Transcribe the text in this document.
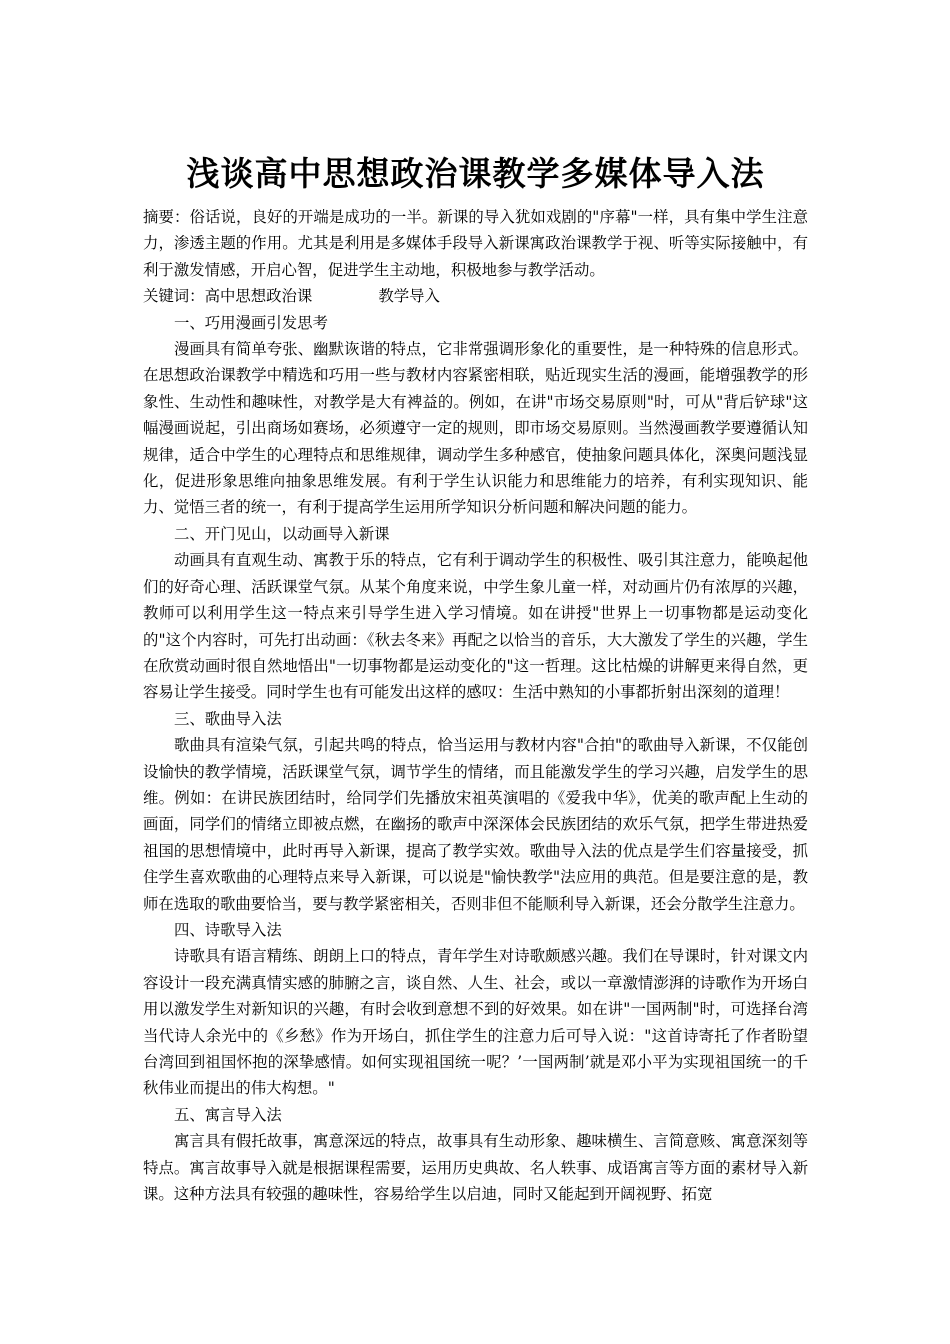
浅谈高中思想政治课教学多媒体导入法

摘要：俗话说，良好的开端是成功的一半。新课的导入犹如戏剧的"序幕"一样，具有集中学生注意力，渗透主题的作用。尤其是利用是多媒体手段导入新课寓政治课教学于视、听等实际接触中，有利于激发情感，开启心智，促进学生主动地，积极地参与教学活动。

关键词：高中思想政治课	教学导入

一、巧用漫画引发思考

漫画具有简单夸张、幽默诙谐的特点，它非常强调形象化的重要性，是一种特殊的信息形式。在思想政治课教学中精选和巧用一些与教材内容紧密相联，贴近现实生活的漫画，能增强教学的形象性、生动性和趣味性，对教学是大有裨益的。例如，在讲"市场交易原则"时，可从"背后铲球"这幅漫画说起，引出商场如赛场，必须遵守一定的规则，即市场交易原则。当然漫画教学要遵循认知规律，适合中学生的心理特点和思维规律，调动学生多种感官，使抽象问题具体化，深奥问题浅显化，促进形象思维向抽象思维发展。有利于学生认识能力和思维能力的培养，有利实现知识、能力、觉悟三者的统一，有利于提高学生运用所学知识分析问题和解决问题的能力。

二、开门见山，以动画导入新课

动画具有直观生动、寓教于乐的特点，它有利于调动学生的积极性、吸引其注意力，能唤起他们的好奇心理、活跃课堂气氛。从某个角度来说，中学生象儿童一样，对动画片仍有浓厚的兴趣，教师可以利用学生这一特点来引导学生进入学习情境。如在讲授"世界上一切事物都是运动变化的"这个内容时，可先打出动画：《秋去冬来》再配之以恰当的音乐，大大激发了学生的兴趣，学生在欣赏动画时很自然地悟出"一切事物都是运动变化的"这一哲理。这比枯燥的讲解更来得自然，更容易让学生接受。同时学生也有可能发出这样的感叹：生活中熟知的小事都折射出深刻的道理！

三、歌曲导入法

歌曲具有渲染气氛，引起共鸣的特点，恰当运用与教材内容"合拍"的歌曲导入新课，不仅能创设愉快的教学情境，活跃课堂气氛，调节学生的情绪，而且能激发学生的学习兴趣，启发学生的思维。例如：在讲民族团结时，给同学们先播放宋祖英演唱的《爱我中华》，优美的歌声配上生动的画面，同学们的情绪立即被点燃，在幽扬的歌声中深深体会民族团结的欢乐气氛，把学生带进热爱祖国的思想情境中，此时再导入新课，提高了教学实效。歌曲导入法的优点是学生们容量接受，抓住学生喜欢歌曲的心理特点来导入新课，可以说是"愉快教学"法应用的典范。但是要注意的是，教师在选取的歌曲要恰当，要与教学紧密相关，否则非但不能顺利导入新课，还会分散学生注意力。

四、诗歌导入法

诗歌具有语言精练、朗朗上口的特点，青年学生对诗歌颇感兴趣。我们在导课时，针对课文内容设计一段充满真情实感的肺腑之言，谈自然、人生、社会，或以一章激情澎湃的诗歌作为开场白用以激发学生对新知识的兴趣，有时会收到意想不到的好效果。如在讲"一国两制"时，可选择台湾当代诗人余光中的《乡愁》作为开场白，抓住学生的注意力后可导入说："这首诗寄托了作者盼望台湾回到祖国怀抱的深挚感情。如何实现祖国统一呢？’一国两制’就是邓小平为实现祖国统一的千秋伟业而提出的伟大构想。"

五、寓言导入法

寓言具有假托故事，寓意深远的特点，故事具有生动形象、趣味横生、言简意赅、寓意深刻等特点。寓言故事导入就是根据课程需要，运用历史典故、名人轶事、成语寓言等方面的素材导入新课。这种方法具有较强的趣味性，容易给学生以启迪，同时又能起到开阔视野、拓宽
